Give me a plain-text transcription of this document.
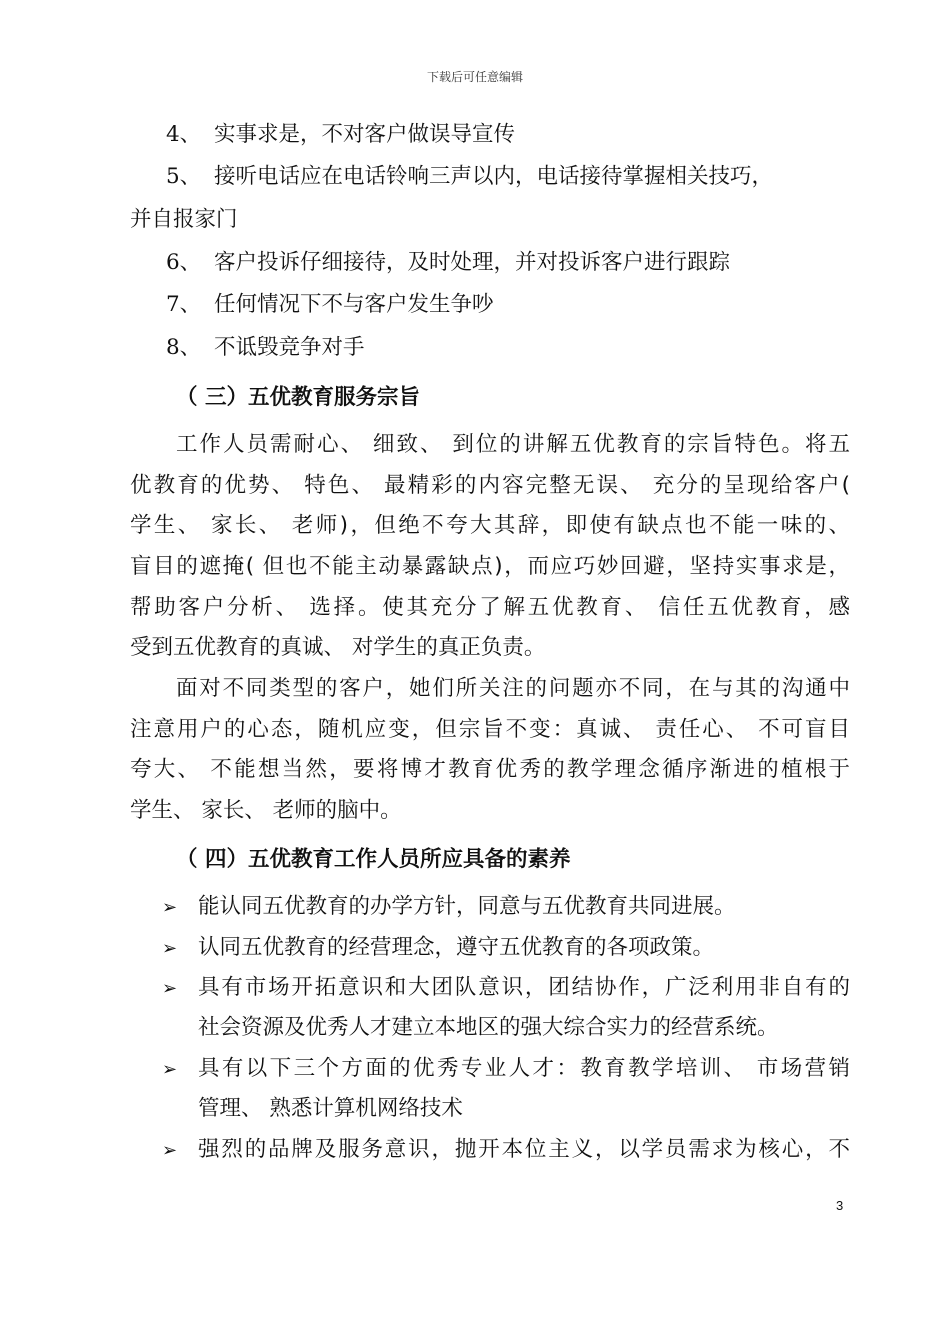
下载后可任意编辑
4、 实事求是，不对客户做误导宣传
5、 接听电话应在电话铃响三声以内，电话接待掌握相关技巧，
并自报家门
6、 客户投诉仔细接待，及时处理，并对投诉客户进行跟踪
7、 任何情况下不与客户发生争吵
8、 不诋毁竞争对手
（ 三）五优教育服务宗旨
工作人员需耐心、 细致、 到位的讲解五优教育的宗旨特色。将五
优教育的优势、 特色、 最精彩的内容完整无误、 充分的呈现给客户(
学生、 家长、 老师)，但绝不夸大其辞，即使有缺点也不能一味的、
盲目的遮掩( 但也不能主动暴露缺点)，而应巧妙回避，坚持实事求是，
帮助客户分析、 选择。使其充分了解五优教育、 信任五优教育，感
受到五优教育的真诚、 对学生的真正负责。
面对不同类型的客户，她们所关注的问题亦不同，在与其的沟通中
注意用户的心态，随机应变，但宗旨不变：真诚、 责任心、 不可盲目
夸大、 不能想当然，要将博才教育优秀的教学理念循序渐进的植根于
学生、 家长、 老师的脑中。
（ 四）五优教育工作人员所应具备的素养
➢ 能认同五优教育的办学方针，同意与五优教育共同进展。
➢ 认同五优教育的经营理念，遵守五优教育的各项政策。
➢ 具有市场开拓意识和大团队意识，团结协作，广泛利用非自有的
社会资源及优秀人才建立本地区的强大综合实力的经营系统。
➢ 具有以下三个方面的优秀专业人才：教育教学培训、 市场营销
管理、 熟悉计算机网络技术
➢ 强烈的品牌及服务意识，抛开本位主义，以学员需求为核心，不
3
